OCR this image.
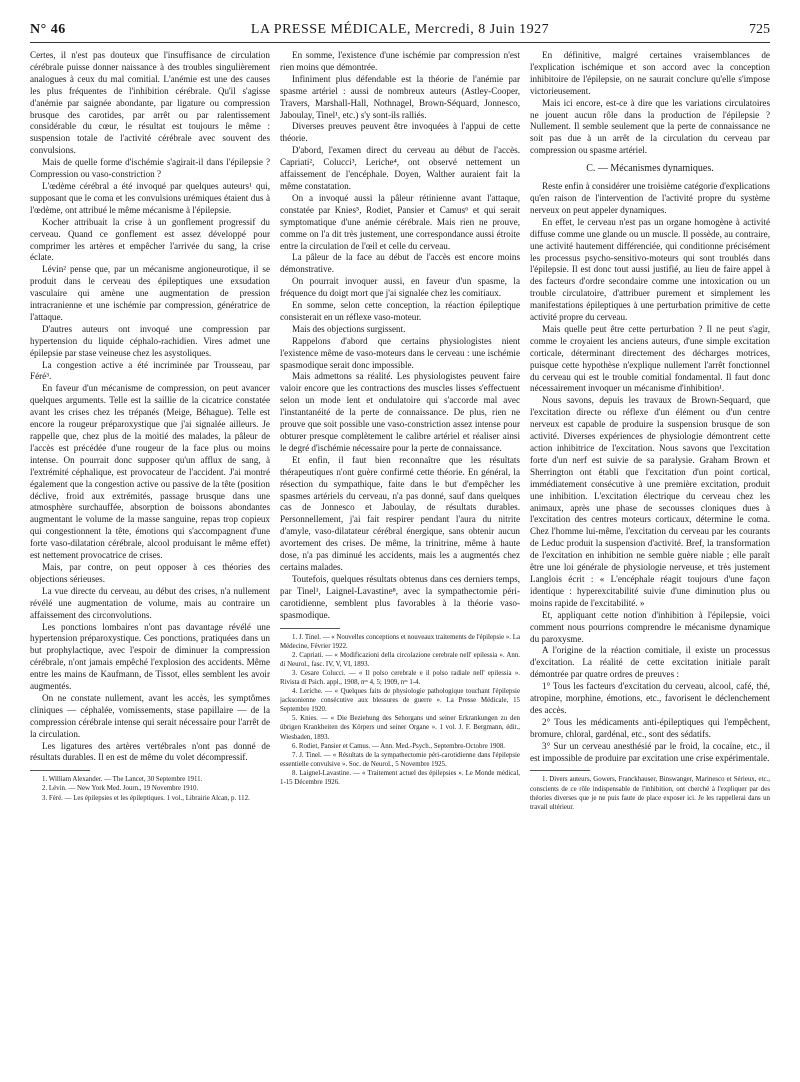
N° 46	LA PRESSE MÉDICALE, Mercredi, 8 Juin 1927	725

Certes, il n'est pas douteux que l'insuffisance de circulation cérébrale puisse donner naissance à des troubles singulièrement analogues à ceux du mal comitial. L'anémie est une des causes les plus fréquentes de l'inhibition cérébrale. Qu'il s'agisse d'anémie par saignée abondante, par ligature ou compression brusque des carotides, par arrêt ou par ralentissement considérable du cœur, le résultat est toujours le même : suspension totale de l'activité cérébrale avec souvent des convulsions.

Mais de quelle forme d'ischémie s'agirait-il dans l'épilepsie ? Compression ou vaso-constriction ?

L'œdème cérébral a été invoqué par quelques auteurs¹ qui, supposant que le coma et les convulsions urémiques étaient dus à l'œdème, ont attribué le même mécanisme à l'épilepsie.

Kocher attribuait la crise à un gonflement progressif du cerveau. Quand ce gonflement est assez développé pour comprimer les artères et empêcher l'arrivée du sang, la crise éclate.

Lévin² pense que, par un mécanisme angioneurotique, il se produit dans le cerveau des épileptiques une exsudation vasculaire qui amène une augmentation de pression intracranienne et une ischémie par compression, génératrice de l'attaque.

D'autres auteurs ont invoqué une compression par hypertension du liquide céphalo-rachidien. Vires admet une épilepsie par stase veineuse chez les asystoliques.

La congestion active a été incriminée par Trousseau, par Féré³.

En faveur d'un mécanisme de compression, on peut avancer quelques arguments. Telle est la saillie de la cicatrice constatée avant les crises chez les trépanés (Meige, Béhague). Telle est encore la rougeur préparoxystique que j'ai signalée ailleurs. Je rappelle que, chez plus de la moitié des malades, la pâleur de l'accès est précédée d'une rougeur de la face plus ou moins intense. On pourrait donc supposer qu'un afflux de sang, à l'extrémité céphalique, est provocateur de l'accident. J'ai montré également que la congestion active ou passive de la tête (position déclive, froid aux extrémités, passage brusque dans une atmosphère surchauffée, absorption de boissons abondantes augmentant le volume de la masse sanguine, repas trop copieux qui congestionnent la tête, émotions qui s'accompagnent d'une forte vaso-dilatation cérébrale, alcool produisant le même effet) est nettement provocatrice de crises.

Mais, par contre, on peut opposer à ces théories des objections sérieuses.

La vue directe du cerveau, au début des crises, n'a nullement révélé une augmentation de volume, mais au contraire un affaissement des circonvolutions.

Les ponctions lombaires n'ont pas davantage révélé une hypertension préparoxystique. Ces ponctions, pratiquées dans un but prophylactique, avec l'espoir de diminuer la compression cérébrale, n'ont jamais empêché l'explosion des accidents. Même entre les mains de Kaufmann, de Tissot, elles semblent les avoir augmentés.

On ne constate nullement, avant les accès, les symptômes cliniques — céphalée, vomissements, stase papillaire — de la compression cérébrale intense qui serait nécessaire pour l'arrêt de la circulation.

Les ligatures des artères vertébrales n'ont pas donné de résultats durables. Il en est de même du volet décompressif.

1. William Alexander. — The Lancet, 30 Septembre 1911.

2. Lévin. — New York Med. Journ., 19 Novembre 1910.

3. Féré. — Les épilepsies et les épileptiques. 1 vol., Librairie Alcan, p. 112.

En somme, l'existence d'une ischémie par compression n'est rien moins que démontrée.

Infiniment plus défendable est la théorie de l'anémie par spasme artériel : aussi de nombreux auteurs (Astley-Cooper, Travers, Marshall-Hall, Nothnagel, Brown-Séquard, Jonnesco, Jaboulay, Tinel¹, etc.) s'y sont-ils ralliés.

Diverses preuves peuvent être invoquées à l'appui de cette théorie.

D'abord, l'examen direct du cerveau au début de l'accès. Capriati², Colucci³, Leriche⁴, ont observé nettement un affaissement de l'encéphale. Doyen, Walther auraient fait la même constatation.

On a invoqué aussi la pâleur rétinienne avant l'attaque, constatée par Knies⁵, Rodiet, Pansier et Camus⁶ et qui serait symptomatique d'une anémie cérébrale. Mais rien ne prouve, comme on l'a dit très justement, une correspondance aussi étroite entre la circulation de l'œil et celle du cerveau.

La pâleur de la face au début de l'accès est encore moins démonstrative.

On pourrait invoquer aussi, en faveur d'un spasme, la fréquence du doigt mort que j'ai signalée chez les comitiaux.

En somme, selon cette conception, la réaction épileptique consisterait en un réflexe vaso-moteur.

Mais des objections surgissent.

Rappelons d'abord que certains physiologistes nient l'existence même de vaso-moteurs dans le cerveau : une ischémie spasmodique serait donc impossible.

Mais admettons sa réalité. Les physiologistes peuvent faire valoir encore que les contractions des muscles lisses s'effectuent selon un mode lent et ondulatoire qui s'accorde mal avec l'instantanéité de la perte de connaissance. De plus, rien ne prouve que soit possible une vaso-constriction assez intense pour obturer presque complètement le calibre artériel et réaliser ainsi le degré d'ischémie nécessaire pour la perte de connaissance.

Et enfin, il faut bien reconnaître que les résultats thérapeutiques n'ont guère confirmé cette théorie. En général, la résection du sympathique, faite dans le but d'empêcher les spasmes artériels du cerveau, n'a pas donné, sauf dans quelques cas de Jonnesco et Jaboulay, de résultats durables. Personnellement, j'ai fait respirer pendant l'aura du nitrite d'amyle, vaso-dilatateur cérébral énergique, sans obtenir aucun avortement des crises. De même, la trinitrine, même à haute dose, n'a pas diminué les accidents, mais les a augmentés chez certains malades.

Toutefois, quelques résultats obtenus dans ces derniers temps, par Tinel¹, Laignel-Lavastine⁸, avec la sympathectomie péri-carotidienne, semblent plus favorables à la théorie vaso-spasmodique.

1. J. Tinel. — « Nouvelles conceptions et nouveaux traitements de l'épilepsie ». La Médecine, Février 1922.

2. Capriati. — « Modificazioni della circolazione cerebrale nell' epilessia ». Ann. di Neurol., fasc. IV, V, VI, 1893.

3. Cesare Colucci. — « Il polso cerebrale e il polso radiale nell' epilessia ». Rivista di Psich. appl., 1908, nᵒˢ 4, 5; 1909, nᵒˢ 1-4.

4. Leriche. — « Quelques faits de physiologie pathologique touchant l'épilepsie jacksonienne consécutive aux blessures de guerre ». La Presse Médicale, 15 Septembre 1920.

5. Knies. — « Die Beziehung des Sehorgans und seiner Erkrankungen zu den übrigen Krankheiten des Körpers und seiner Organe ». 1 vol. J. F. Bergmann, édit., Wiesbaden, 1893.

6. Rodiet, Pansier et Camus. — Ann. Med.-Psych., Septembre-Octobre 1908.

7. J. Tinel. — « Résultats de la sympathectomie péri-carotidienne dans l'épilepsie essentielle convulsive ». Soc. de Neurol., 5 Novembre 1925.

8. Laignel-Lavastine. — « Traitement actuel des épilepsies ». Le Monde médical, 1-15 Décembre 1926.

En définitive, malgré certaines vraisemblances de l'explication ischémique et son accord avec la conception inhibitoire de l'épilepsie, on ne saurait conclure qu'elle s'impose victorieusement.

Mais ici encore, est-ce à dire que les variations circulatoires ne jouent aucun rôle dans la production de l'épilepsie ? Nullement. Il semble seulement que la perte de connaissance ne soit pas due à un arrêt de la circulation du cerveau par compression ou spasme artériel.

C. — Mécanismes dynamiques.

Reste enfin à considérer une troisième catégorie d'explications qu'en raison de l'intervention de l'activité propre du système nerveux on peut appeler dynamiques.

En effet, le cerveau n'est pas un organe homogène à activité diffuse comme une glande ou un muscle. Il possède, au contraire, une activité hautement différenciée, qui conditionne précisément les processus psycho-sensitivo-moteurs qui sont troublés dans l'épilepsie. Il est donc tout aussi justifié, au lieu de faire appel à des facteurs d'ordre secondaire comme une intoxication ou un trouble circulatoire, d'attribuer purement et simplement les manifestations épileptiques à une perturbation primitive de cette activité propre du cerveau.

Mais quelle peut être cette perturbation ? Il ne peut s'agir, comme le croyaient les anciens auteurs, d'une simple excitation corticale, déterminant directement des décharges motrices, puisque cette hypothèse n'explique nullement l'arrêt fonctionnel du cerveau qui est le trouble comitial fondamental. Il faut donc nécessairement invoquer un mécanisme d'inhibition¹.

Nous savons, depuis les travaux de Brown-Sequard, que l'excitation directe ou réflexe d'un élément ou d'un centre nerveux est capable de produire la suspension brusque de son activité. Diverses expériences de physiologie démontrent cette action inhibitrice de l'excitation. Nous savons que l'excitation forte d'un nerf est suivie de sa paralysie. Graham Brown et Sherrington ont établi que l'excitation d'un point cortical, immédiatement consécutive à une première excitation, produit une inhibition. L'excitation électrique du cerveau chez les animaux, après une phase de secousses cloniques dues à l'excitation des centres moteurs corticaux, détermine le coma. Chez l'homme lui-même, l'excitation du cerveau par les courants de Leduc produit la suspension d'activité. Bref, la transformation de l'excitation en inhibition ne semble guère niable ; elle paraît être une loi générale de physiologie nerveuse, et très justement Langlois écrit : « L'encéphale réagit toujours d'une façon identique : hyperexcitabilité suivie d'une diminution plus ou moins rapide de l'excitabilité. »

Et, appliquant cette notion d'inhibition à l'épilepsie, voici comment nous pourrions comprendre le mécanisme dynamique du paroxysme.

A l'origine de la réaction comitiale, il existe un processus d'excitation. La réalité de cette excitation initiale paraît démontrée par quatre ordres de preuves :

1° Tous les facteurs d'excitation du cerveau, alcool, café, thé, atropine, morphine, émotions, etc., favorisent le déclenchement des accès.

2° Tous les médicaments anti-épileptiques qui l'empêchent, bromure, chloral, gardénal, etc., sont des sédatifs.

3° Sur un cerveau anesthésié par le froid, la cocaïne, etc., il est impossible de produire par excitation une crise expérimentale.

1. Divers auteurs, Gowers, Franckhauser, Binswanger, Marinesco et Sérieux, etc., conscients de ce rôle indispensable de l'inhibition, ont cherché à l'expliquer par des théories diverses que je ne puis faute de place exposer ici. Je les rappellerai dans un travail ultérieur.
